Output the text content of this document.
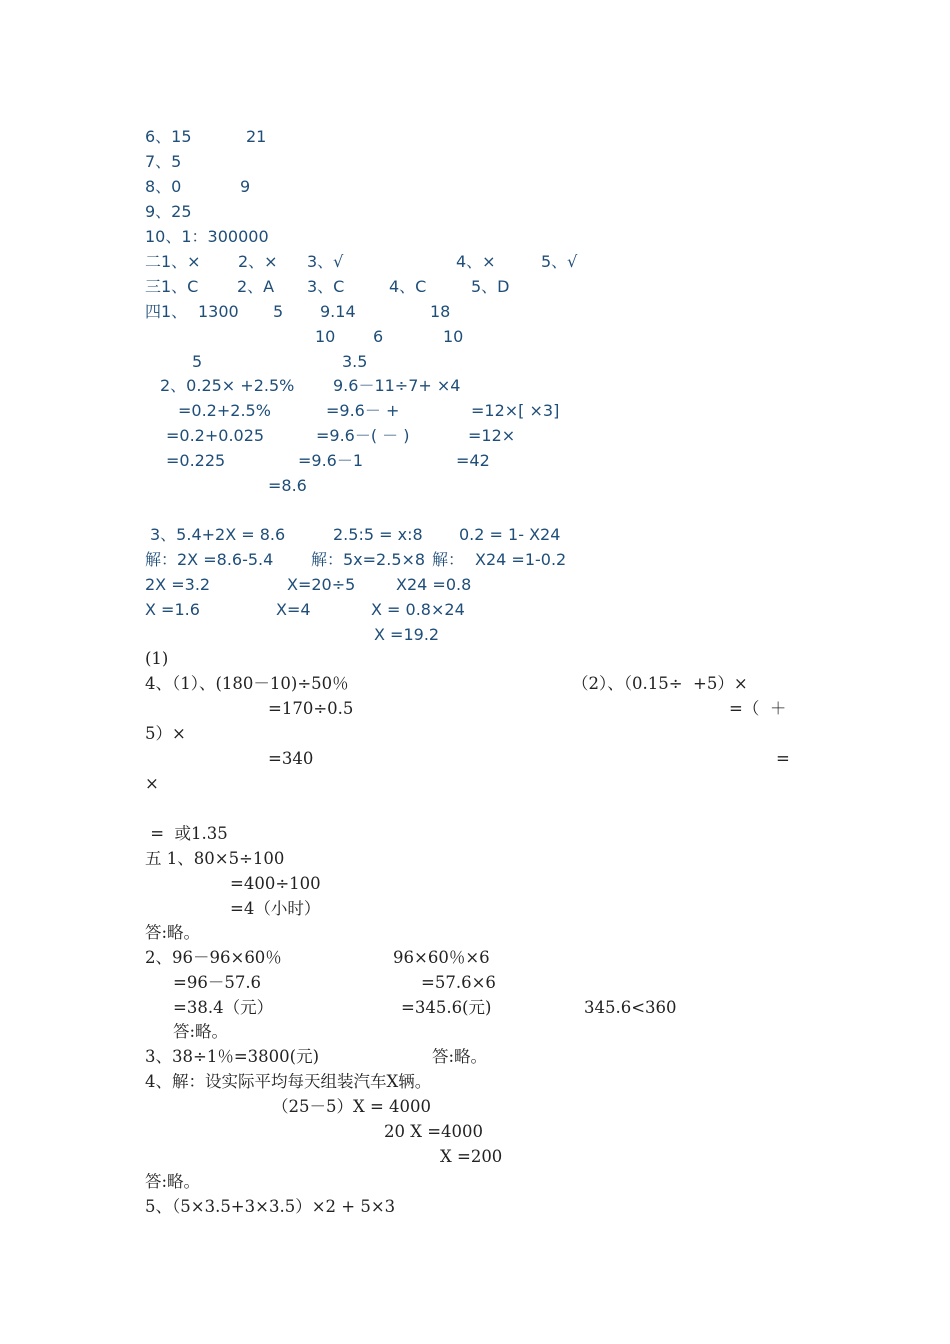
6、15	21
7、5
8、0	9
9、25
10、1：300000
二1、× 2、× 3、√	4、×	5、√
三1、C 2、A 3、C	4、C	5、D
四1、 1300 5 9.14	18
10 6	10
5	3.5
2、0.25× +2.5% 9.6－11÷7+ ×4
=0.2+2.5%	=9.6－ +	=12×[ ×3]
=0.2+0.025	=9.6－( － )	=12×
=0.225	=9.6－1	=42
=8.6
3、5.4+2X = 8.6	2.5:5 = x:8 0.2 = 1- X24
解：2X =8.6-5.4 解：5x=2.5×8 解： X24 =1-0.2
2X =3.2	X=20÷5	X24 =0.8
X =1.6	X=4	X = 0.8×24
X =19.2
(1)
4、（1）、(180－10)÷50％	（2）、（0.15÷  +5）×
=170÷0.5	=（  ＋
5）×
=340	=
×
=  或1.35
五 1、80×5÷100
=400÷100
=4（小时）
答:略。
2、96－96×60％	96×60％×6
=96－57.6	=57.6×6
=38.4（元）	=345.6(元)	345.6<360
答:略。
3、38÷1％=3800(元)	答:略。
4、解：设实际平均每天组装汽车X辆。
（25－5）X = 4000
20 X =4000
X =200
答:略。
5、（5×3.5+3×3.5）×2 + 5×3
